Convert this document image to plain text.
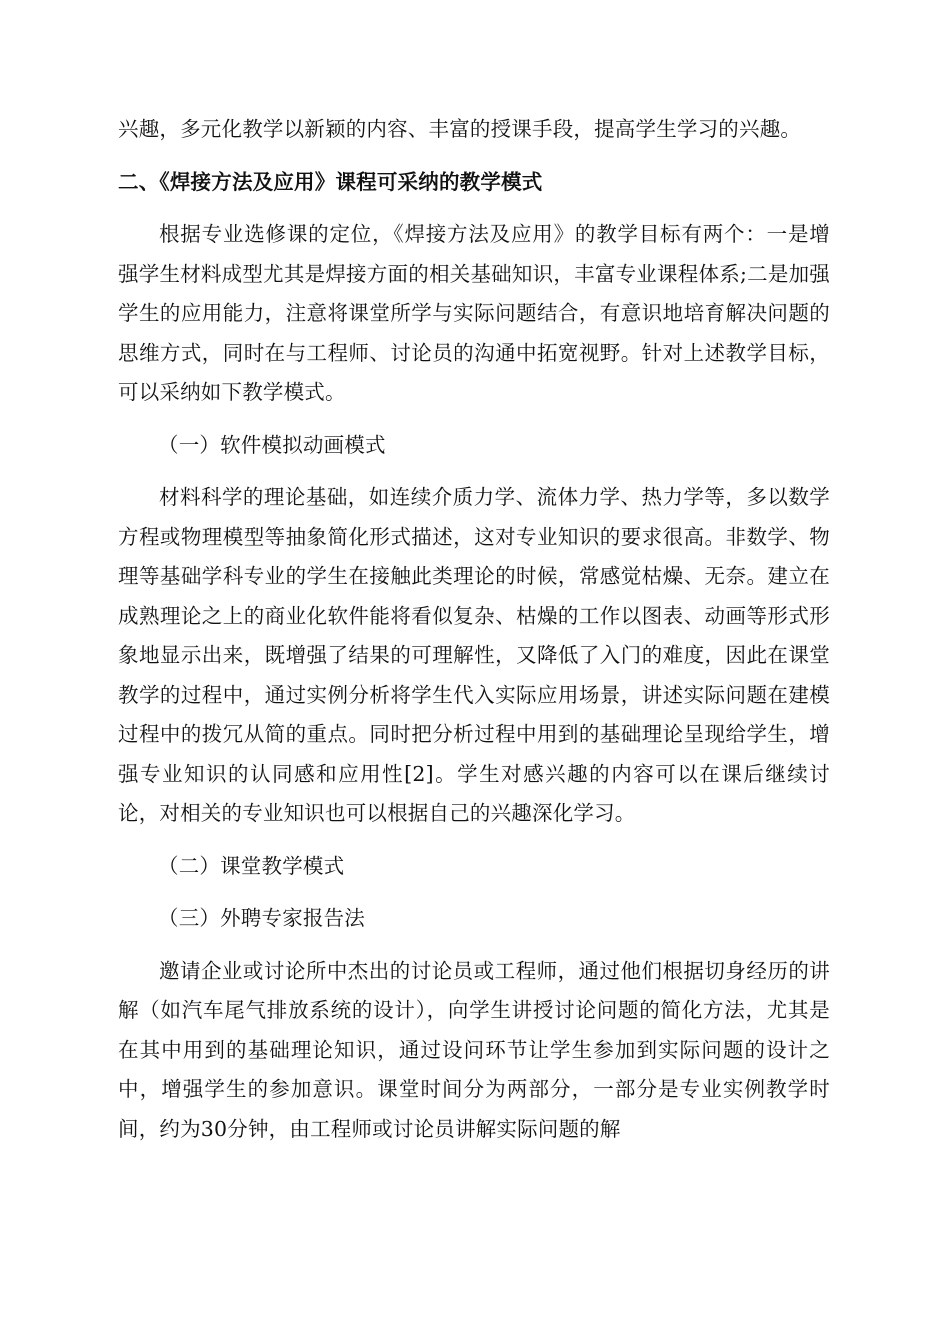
兴趣，多元化教学以新颖的内容、丰富的授课手段，提高学生学习的兴趣。

二、《焊接方法及应用》课程可采纳的教学模式

根据专业选修课的定位，《焊接方法及应用》的教学目标有两个：一是增强学生材料成型尤其是焊接方面的相关基础知识，丰富专业课程体系;二是加强学生的应用能力，注意将课堂所学与实际问题结合，有意识地培育解决问题的思维方式，同时在与工程师、讨论员的沟通中拓宽视野。针对上述教学目标，可以采纳如下教学模式。

（一）软件模拟动画模式

材料科学的理论基础，如连续介质力学、流体力学、热力学等，多以数学方程或物理模型等抽象简化形式描述，这对专业知识的要求很高。非数学、物理等基础学科专业的学生在接触此类理论的时候，常感觉枯燥、无奈。建立在成熟理论之上的商业化软件能将看似复杂、枯燥的工作以图表、动画等形式形象地显示出来，既增强了结果的可理解性，又降低了入门的难度，因此在课堂教学的过程中，通过实例分析将学生代入实际应用场景，讲述实际问题在建模过程中的拨冗从简的重点。同时把分析过程中用到的基础理论呈现给学生，增强专业知识的认同感和应用性[2]。学生对感兴趣的内容可以在课后继续讨论，对相关的专业知识也可以根据自己的兴趣深化学习。

（二）课堂教学模式
（三）外聘专家报告法

邀请企业或讨论所中杰出的讨论员或工程师，通过他们根据切身经历的讲解（如汽车尾气排放系统的设计），向学生讲授讨论问题的简化方法，尤其是在其中用到的基础理论知识，通过设问环节让学生参加到实际问题的设计之中，增强学生的参加意识。课堂时间分为两部分，一部分是专业实例教学时间，约为30分钟，由工程师或讨论员讲解实际问题的解
